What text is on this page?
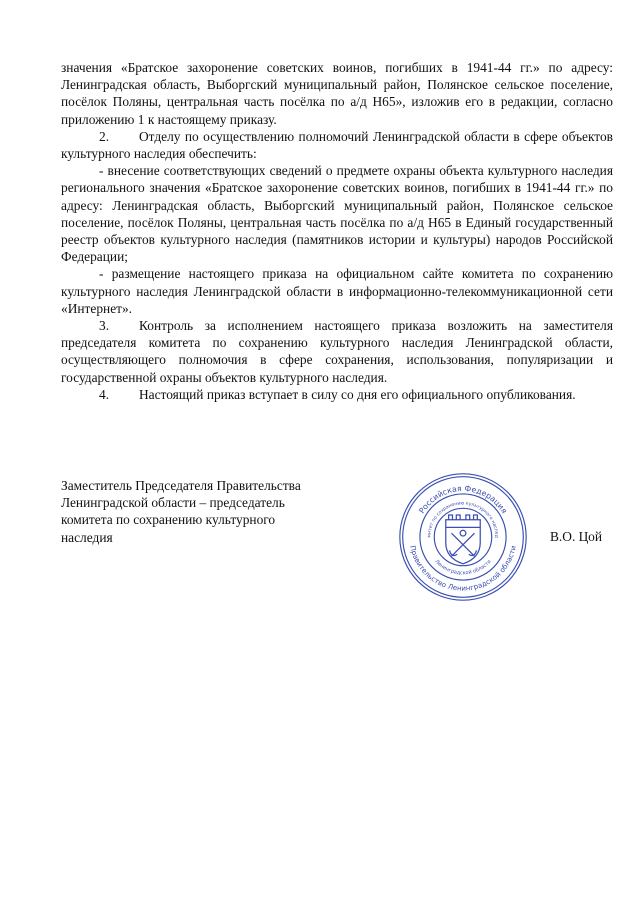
значения «Братское захоронение советских воинов, погибших в 1941-44 гг.» по адресу: Ленинградская область, Выборгский муниципальный район, Полянское сельское поселение, посёлок Поляны, центральная часть посёлка по а/д Н65», изложив его в редакции, согласно приложению 1 к настоящему приказу.

2. Отделу по осуществлению полномочий Ленинградской области в сфере объектов культурного наследия обеспечить:

- внесение соответствующих сведений о предмете охраны объекта культурного наследия регионального значения «Братское захоронение советских воинов, погибших в 1941-44 гг.» по адресу: Ленинградская область, Выборгский муниципальный район, Полянское сельское поселение, посёлок Поляны, центральная часть посёлка по а/д Н65 в Единый государственный реестр объектов культурного наследия (памятников истории и культуры) народов Российской Федерации;

- размещение настоящего приказа на официальном сайте комитета по сохранению культурного наследия Ленинградской области в информационно-телекоммуникационной сети «Интернет».

3. Контроль за исполнением настоящего приказа возложить на заместителя председателя комитета по сохранению культурного наследия Ленинградской области, осуществляющего полномочия в сфере сохранения, использования, популяризации и государственной охраны объектов культурного наследия.

4. Настоящий приказ вступает в силу со дня его официального опубликования.

Заместитель Председателя Правительства
Ленинградской области – председатель
комитета по сохранению культурного
наследия
Российская Федерация
Правительство Ленинградской области
митет по сохранению культурного наслед
Ленинградской области
В.О. Цой
